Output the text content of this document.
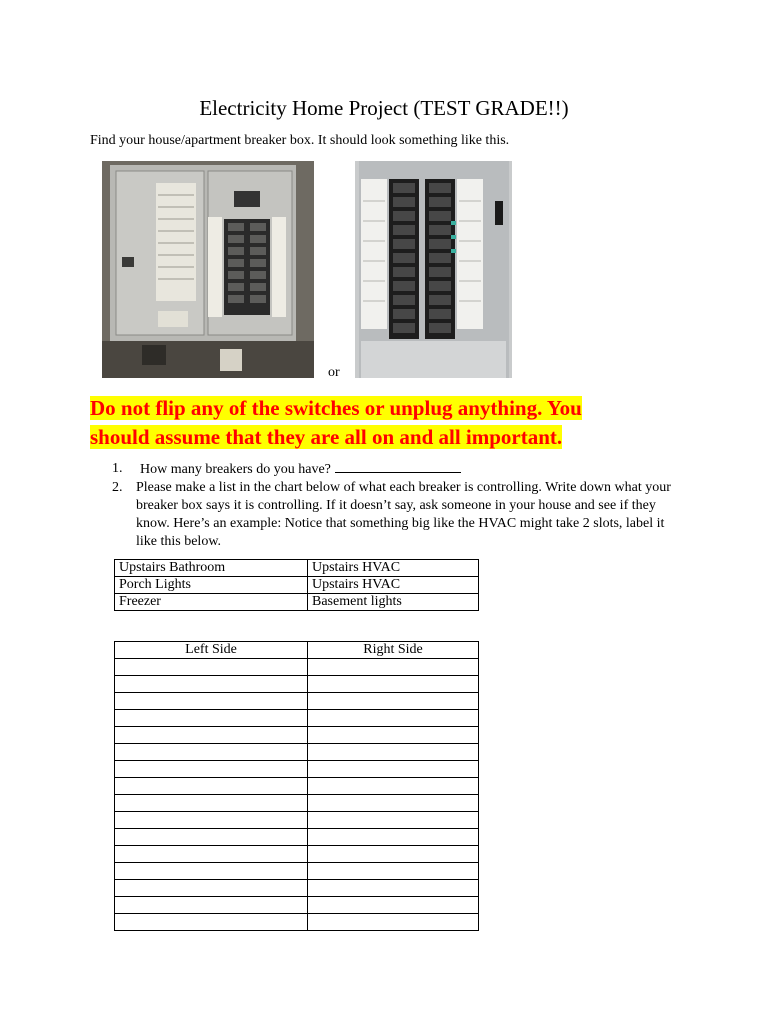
Electricity Home Project (TEST GRADE!!)
Find your house/apartment breaker box. It should look something like this.
or
Do not flip any of the switches or unplug anything. You
should assume that they are all on and all important.
1.	How many breakers do you have?
2. Please make a list in the chart below of what each breaker is controlling. Write down what your breaker box says it is controlling. If it doesn’t say, ask someone in your house and see if they know. Here’s an example: Notice that something big like the HVAC might take 2 slots, label it like this below.
Upstairs Bathroom	Upstairs HVAC
Porch Lights	Upstairs HVAC
Freezer	Basement lights
Left Side	Right Side
